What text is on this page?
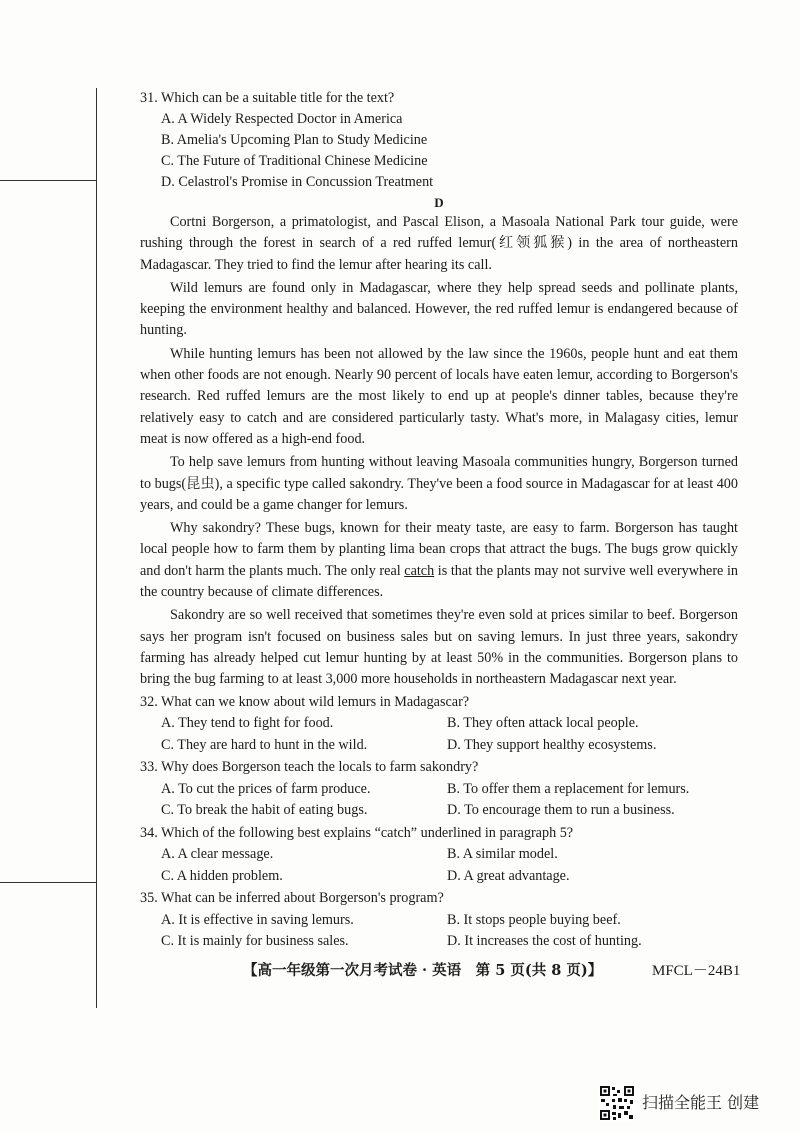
31. Which can be a suitable title for the text?
A. A Widely Respected Doctor in America
B. Amelia's Upcoming Plan to Study Medicine
C. The Future of Traditional Chinese Medicine
D. Celastrol's Promise in Concussion Treatment
D

Cortni Borgerson, a primatologist, and Pascal Elison, a Masoala National Park tour guide, were rushing through the forest in search of a red ruffed lemur(红领狐猴) in the area of northeastern Madagascar. They tried to find the lemur after hearing its call.

Wild lemurs are found only in Madagascar, where they help spread seeds and pollinate plants, keeping the environment healthy and balanced. However, the red ruffed lemur is endangered because of hunting.

While hunting lemurs has been not allowed by the law since the 1960s, people hunt and eat them when other foods are not enough. Nearly 90 percent of locals have eaten lemur, according to Borgerson's research. Red ruffed lemurs are the most likely to end up at people's dinner tables, because they're relatively easy to catch and are considered particularly tasty. What's more, in Malagasy cities, lemur meat is now offered as a high-end food.

To help save lemurs from hunting without leaving Masoala communities hungry, Borgerson turned to bugs(昆虫), a specific type called sakondry. They've been a food source in Madagascar for at least 400 years, and could be a game changer for lemurs.

Why sakondry? These bugs, known for their meaty taste, are easy to farm. Borgerson has taught local people how to farm them by planting lima bean crops that attract the bugs. The bugs grow quickly and don't harm the plants much. The only real catch is that the plants may not survive well everywhere in the country because of climate differences.

Sakondry are so well received that sometimes they're even sold at prices similar to beef. Borgerson says her program isn't focused on business sales but on saving lemurs. In just three years, sakondry farming has already helped cut lemur hunting by at least 50% in the communities. Borgerson plans to bring the bug farming to at least 3,000 more households in northeastern Madagascar next year.

32. What can we know about wild lemurs in Madagascar?
A. They tend to fight for food.	B. They often attack local people.
C. They are hard to hunt in the wild.	D. They support healthy ecosystems.
33. Why does Borgerson teach the locals to farm sakondry?
A. To cut the prices of farm produce.	B. To offer them a replacement for lemurs.
C. To break the habit of eating bugs.	D. To encourage them to run a business.
34. Which of the following best explains “catch” underlined in paragraph 5?
A. A clear message.	B. A similar model.
C. A hidden problem.	D. A great advantage.
35. What can be inferred about Borgerson's program?
A. It is effective in saving lemurs.	B. It stops people buying beef.
C. It is mainly for business sales.	D. It increases the cost of hunting.
【高一年级第一次月考试卷 · 英语　第 5 页(共 8 页)】	MFCL－24B1
扫描全能王 创建
